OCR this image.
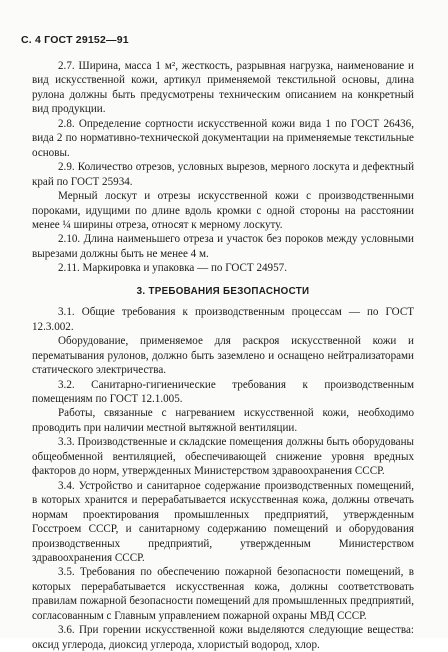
С. 4 ГОСТ 29152—91

2.7. Ширина, масса 1 м², жесткость, разрывная нагрузка, наименование и вид искусственной кожи, артикул применяемой текстильной основы, длина рулона должны быть предусмотрены техническим описанием на конкретный вид продукции.

2.8. Определение сортности искусственной кожи вида 1 по ГОСТ 26436, вида 2 по нормативно-технической документации на применяемые текстильные основы.

2.9. Количество отрезов, условных вырезов, мерного лоскута и дефектный край по ГОСТ 25934.

Мерный лоскут и отрезы искусственной кожи с производственными пороками, идущими по длине вдоль кромки с одной стороны на расстоянии менее ¼ ширины отреза, относят к мерному лоскуту.

2.10. Длина наименьшего отреза и участок без пороков между условными вырезами должны быть не менее 4 м.

2.11. Маркировка и упаковка — по ГОСТ 24957.

3. ТРЕБОВАНИЯ БЕЗОПАСНОСТИ

3.1. Общие требования к производственным процессам — по ГОСТ 12.3.002.

Оборудование, применяемое для раскроя искусственной кожи и перематывания рулонов, должно быть заземлено и оснащено нейтрализаторами статического электричества.

3.2. Санитарно-гигиенические требования к производственным помещениям по ГОСТ 12.1.005.

Работы, связанные с нагреванием искусственной кожи, необходимо проводить при наличии местной вытяжной вентиляции.

3.3. Производственные и складские помещения должны быть оборудованы общеобменной вентиляцией, обеспечивающей снижение уровня вредных факторов до норм, утвержденных Министерством здравоохранения СССР.

3.4. Устройство и санитарное содержание производственных помещений, в которых хранится и перерабатывается искусственная кожа, должны отвечать нормам проектирования промышленных предприятий, утвержденным Госстроем СССР, и санитарному содержанию помещений и оборудования производственных предприятий, утвержденным Министерством здравоохранения СССР.

3.5. Требования по обеспечению пожарной безопасности помещений, в которых перерабатывается искусственная кожа, должны соответствовать правилам пожарной безопасности помещений для промышленных предприятий, согласованным с Главным управлением пожарной охраны МВД СССР.

3.6. При горении искусственной кожи выделяются следующие вещества: оксид углерода, диоксид углерода, хлористый водород, хлор.
